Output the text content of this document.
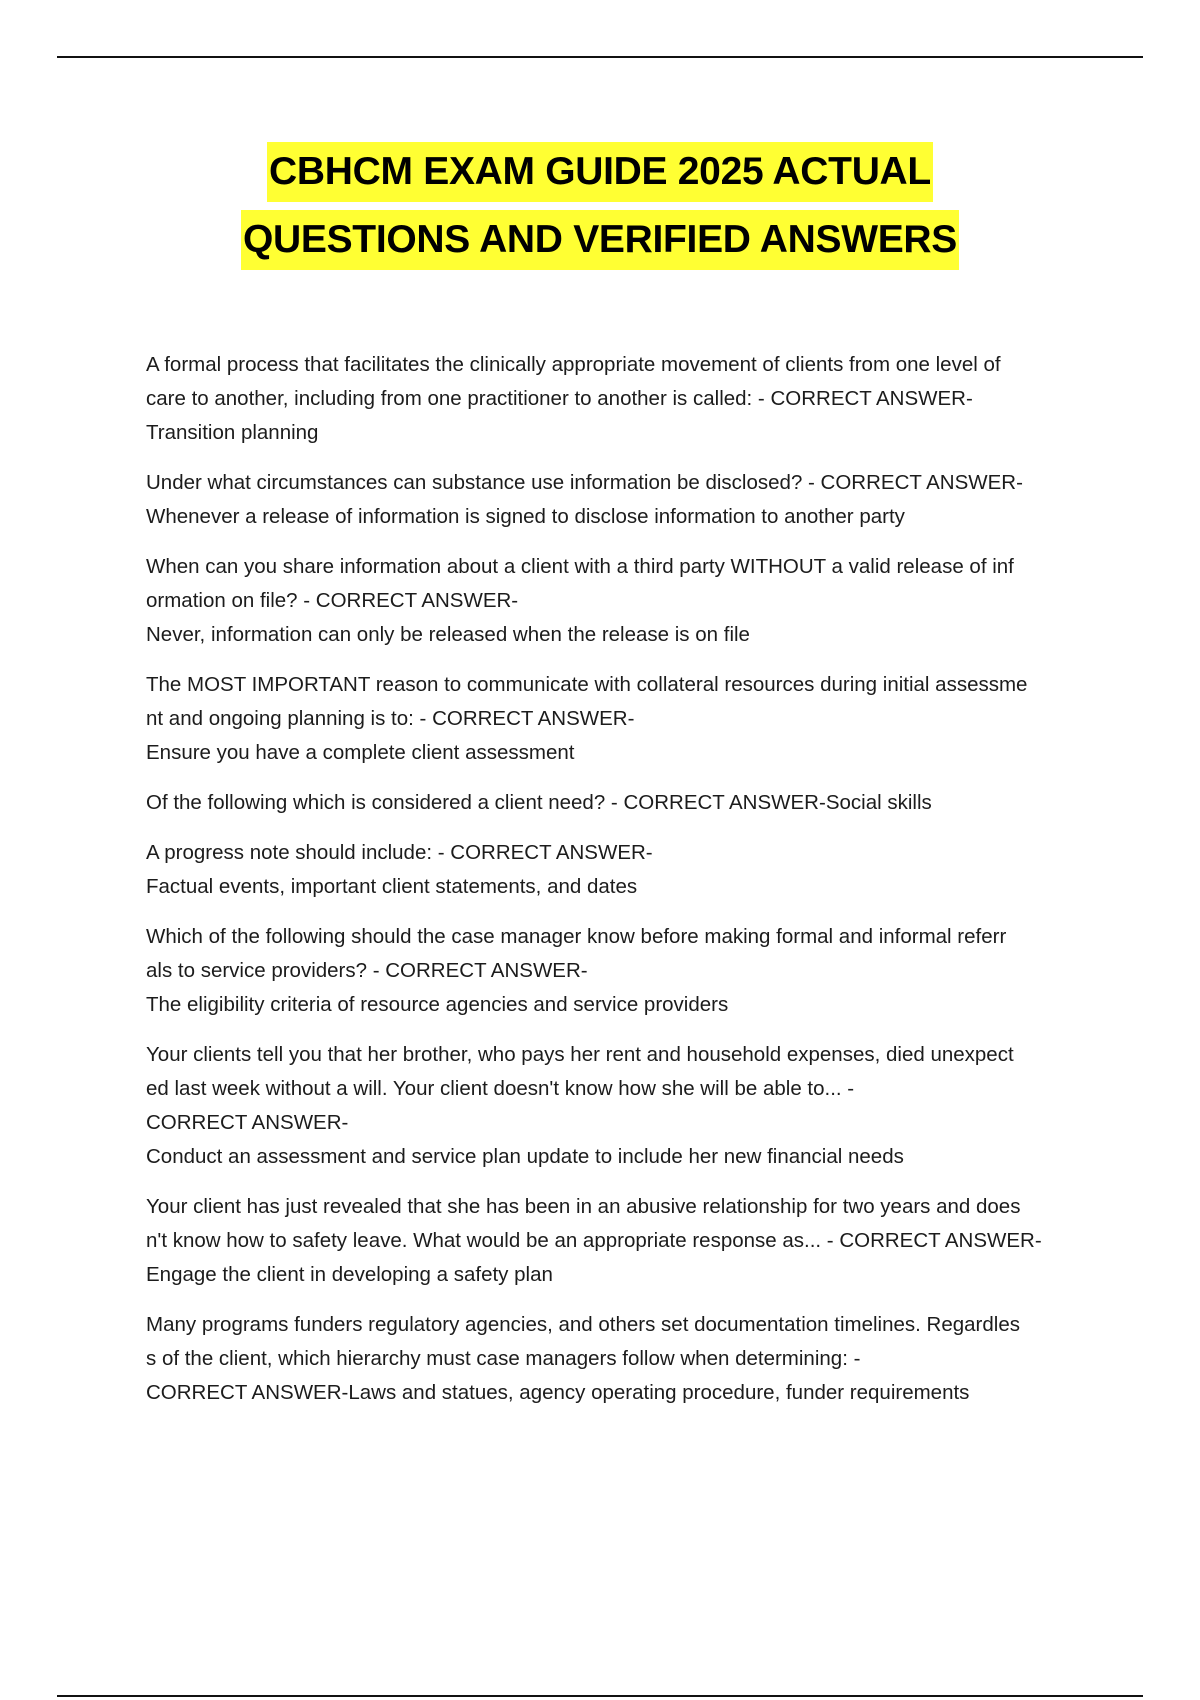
CBHCM EXAM GUIDE 2025 ACTUAL
QUESTIONS AND VERIFIED ANSWERS

A formal process that facilitates the clinically appropriate movement of clients from one level of
care to another, including from one practitioner to another is called: - CORRECT ANSWER-
Transition planning

Under what circumstances can substance use information be disclosed? - CORRECT ANSWER-
Whenever a release of information is signed to disclose information to another party

When can you share information about a client with a third party WITHOUT a valid release of inf
ormation on file? - CORRECT ANSWER-
Never, information can only be released when the release is on file

The MOST IMPORTANT reason to communicate with collateral resources during initial assessme
nt and ongoing planning is to: - CORRECT ANSWER-
Ensure you have a complete client assessment

Of the following which is considered a client need? - CORRECT ANSWER-Social skills

A progress note should include: - CORRECT ANSWER-
Factual events, important client statements, and dates

Which of the following should the case manager know before making formal and informal referr
als to service providers? - CORRECT ANSWER-
The eligibility criteria of resource agencies and service providers

Your clients tell you that her brother, who pays her rent and household expenses, died unexpect
ed last week without a will. Your client doesn't know how she will be able to... -
CORRECT ANSWER-
Conduct an assessment and service plan update to include her new financial needs

Your client has just revealed that she has been in an abusive relationship for two years and does
n't know how to safety leave. What would be an appropriate response as... - CORRECT ANSWER-
Engage the client in developing a safety plan

Many programs funders regulatory agencies, and others set documentation timelines. Regardles
s of the client, which hierarchy must case managers follow when determining: -
CORRECT ANSWER-Laws and statues, agency operating procedure, funder requirements
